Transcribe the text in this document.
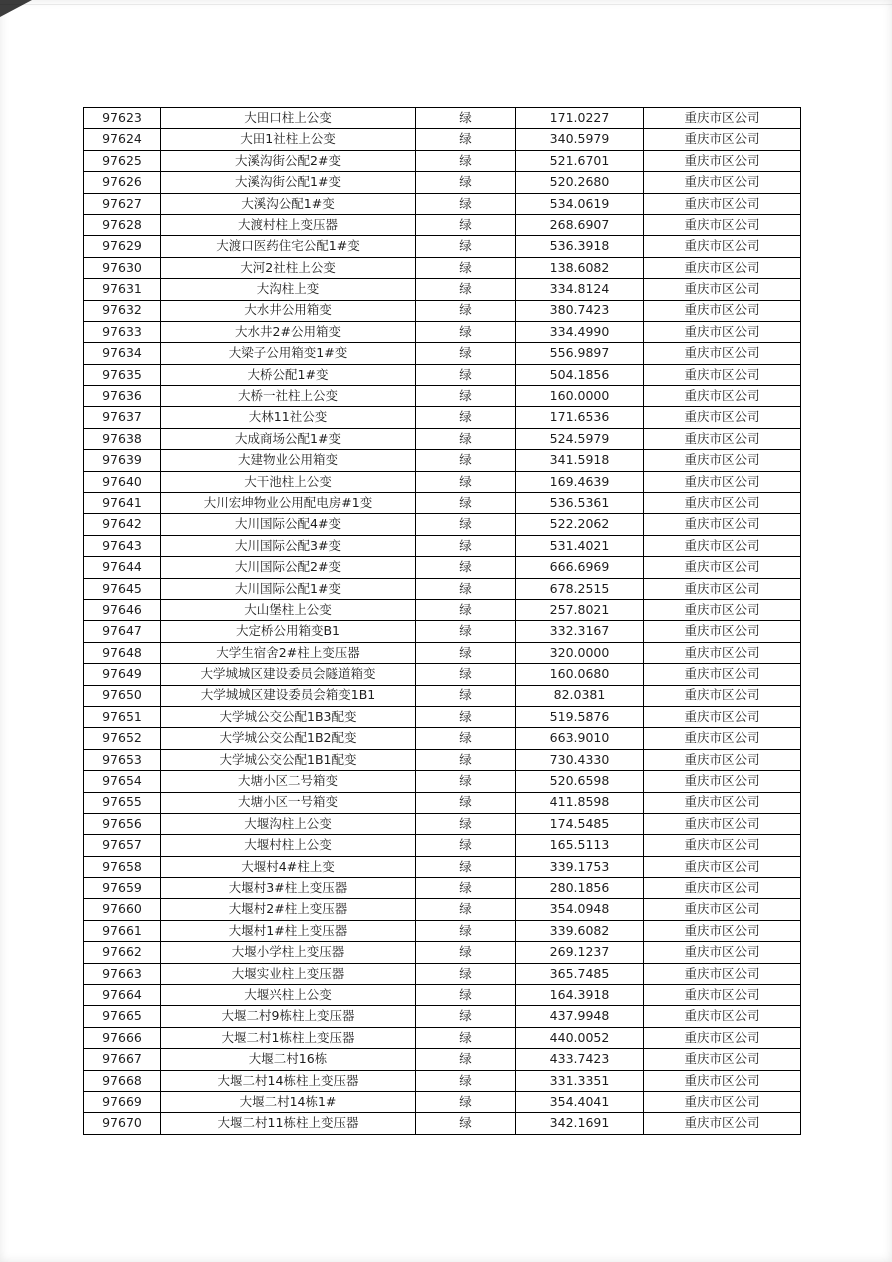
97623	大田口柱上公变	绿	171.0227	重庆市区公司
97624	大田1社柱上公变	绿	340.5979	重庆市区公司
97625	大溪沟街公配2#变	绿	521.6701	重庆市区公司
97626	大溪沟街公配1#变	绿	520.2680	重庆市区公司
97627	大溪沟公配1#变	绿	534.0619	重庆市区公司
97628	大渡村柱上变压器	绿	268.6907	重庆市区公司
97629	大渡口医药住宅公配1#变	绿	536.3918	重庆市区公司
97630	大河2社柱上公变	绿	138.6082	重庆市区公司
97631	大沟柱上变	绿	334.8124	重庆市区公司
97632	大水井公用箱变	绿	380.7423	重庆市区公司
97633	大水井2#公用箱变	绿	334.4990	重庆市区公司
97634	大梁子公用箱变1#变	绿	556.9897	重庆市区公司
97635	大桥公配1#变	绿	504.1856	重庆市区公司
97636	大桥一社柱上公变	绿	160.0000	重庆市区公司
97637	大林11社公变	绿	171.6536	重庆市区公司
97638	大成商场公配1#变	绿	524.5979	重庆市区公司
97639	大建物业公用箱变	绿	341.5918	重庆市区公司
97640	大干池柱上公变	绿	169.4639	重庆市区公司
97641	大川宏坤物业公用配电房#1变	绿	536.5361	重庆市区公司
97642	大川国际公配4#变	绿	522.2062	重庆市区公司
97643	大川国际公配3#变	绿	531.4021	重庆市区公司
97644	大川国际公配2#变	绿	666.6969	重庆市区公司
97645	大川国际公配1#变	绿	678.2515	重庆市区公司
97646	大山堡柱上公变	绿	257.8021	重庆市区公司
97647	大定桥公用箱变B1	绿	332.3167	重庆市区公司
97648	大学生宿舍2#柱上变压器	绿	320.0000	重庆市区公司
97649	大学城城区建设委员会隧道箱变	绿	160.0680	重庆市区公司
97650	大学城城区建设委员会箱变1B1	绿	82.0381	重庆市区公司
97651	大学城公交公配1B3配变	绿	519.5876	重庆市区公司
97652	大学城公交公配1B2配变	绿	663.9010	重庆市区公司
97653	大学城公交公配1B1配变	绿	730.4330	重庆市区公司
97654	大塘小区二号箱变	绿	520.6598	重庆市区公司
97655	大塘小区一号箱变	绿	411.8598	重庆市区公司
97656	大堰沟柱上公变	绿	174.5485	重庆市区公司
97657	大堰村柱上公变	绿	165.5113	重庆市区公司
97658	大堰村4#柱上变	绿	339.1753	重庆市区公司
97659	大堰村3#柱上变压器	绿	280.1856	重庆市区公司
97660	大堰村2#柱上变压器	绿	354.0948	重庆市区公司
97661	大堰村1#柱上变压器	绿	339.6082	重庆市区公司
97662	大堰小学柱上变压器	绿	269.1237	重庆市区公司
97663	大堰实业柱上变压器	绿	365.7485	重庆市区公司
97664	大堰兴柱上公变	绿	164.3918	重庆市区公司
97665	大堰二村9栋柱上变压器	绿	437.9948	重庆市区公司
97666	大堰二村1栋柱上变压器	绿	440.0052	重庆市区公司
97667	大堰二村16栋	绿	433.7423	重庆市区公司
97668	大堰二村14栋柱上变压器	绿	331.3351	重庆市区公司
97669	大堰二村14栋1#	绿	354.4041	重庆市区公司
97670	大堰二村11栋柱上变压器	绿	342.1691	重庆市区公司
